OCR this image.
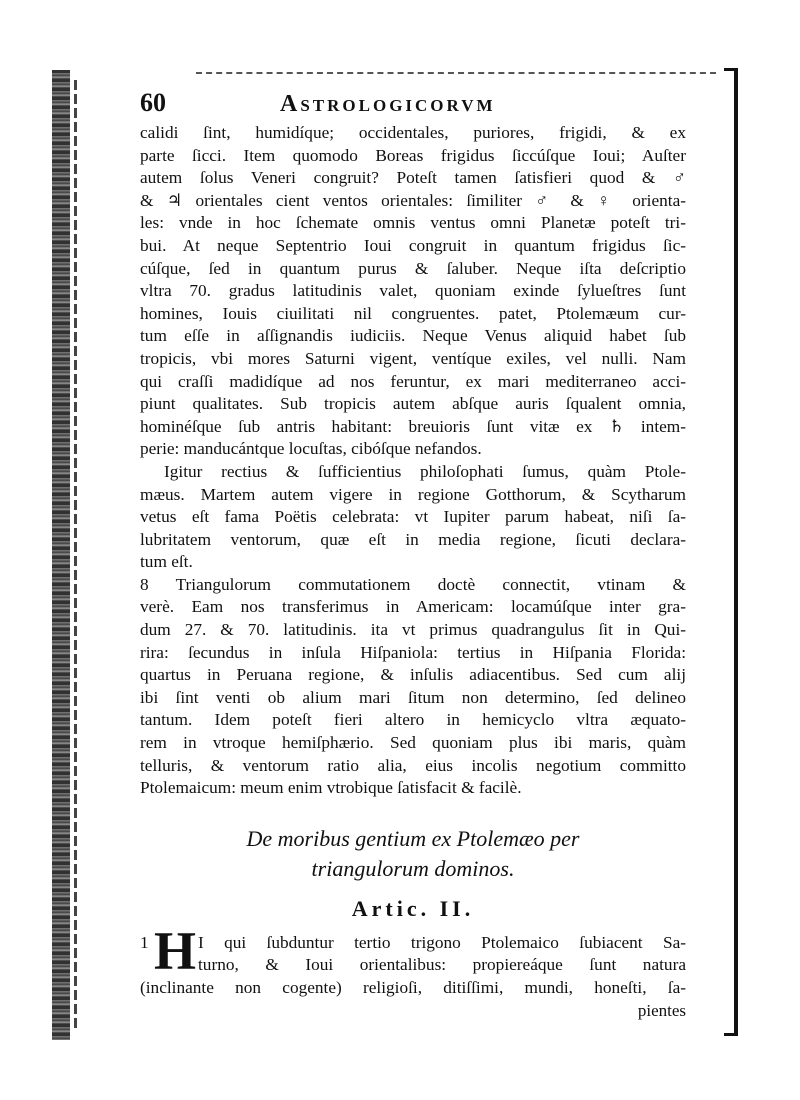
60	Astrologicorvm
calidi ſint, humidíque; occidentales, puriores, frigidi, & ex
parte ſicci. Item quomodo Boreas frigidus ſiccúſque Ioui; Auſter
autem ſolus Veneri congruit? Poteſt tamen ſatisfieri quod & ♂
& ♃ orientales cient ventos orientales: ſimiliter ♂ & ♀ orienta-
les: vnde in hoc ſchemate omnis ventus omni Planetæ poteſt tri-
bui. At neque Septentrio Ioui congruit in quantum frigidus ſic-
cúſque, ſed in quantum purus & ſaluber. Neque iſta deſcriptio
vltra 70. gradus latitudinis valet, quoniam exinde ſylueſtres ſunt
homines, Iouis ciuilitati nil congruentes. patet, Ptolemæum cur-
tum eſſe in aſſignandis iudiciis. Neque Venus aliquid habet ſub
tropicis, vbi mores Saturni vigent, ventíque exiles, vel nulli. Nam
qui craſſi madidíque ad nos feruntur, ex mari mediterraneo acci-
piunt qualitates. Sub tropicis autem abſque auris ſqualent omnia,
hominéſque ſub antris habitant: breuioris ſunt vitæ ex ♄ intem-
perie: manducántque locuſtas, cibóſque nefandos.
Igitur rectius & ſufficientius philoſophati ſumus, quàm Ptole-
mæus. Martem autem vigere in regione Gotthorum, & Scytharum
vetus eſt fama Poëtis celebrata: vt Iupiter parum habeat, niſi ſa-
lubritatem ventorum, quæ eſt in media regione, ſicuti declara-
tum eſt.
8 Triangulorum commutationem doctè connectit, vtinam &
verè. Eam nos transferimus in Americam: locamúſque inter gra-
dum 27. & 70. latitudinis. ita vt primus quadrangulus ſit in Qui-
rira: ſecundus in inſula Hiſpaniola: tertius in Hiſpania Florida:
quartus in Peruana regione, & inſulis adiacentibus. Sed cum alij
ibi ſint venti ob alium mari ſitum non determino, ſed delineo
tantum. Idem poteſt fieri altero in hemicyclo vltra æquato-
rem in vtroque hemiſphærio. Sed quoniam plus ibi maris, quàm
telluris, & ventorum ratio alia, eius incolis negotium committo
Ptolemaicum: meum enim vtrobique ſatisfacit & facilè.
De moribus gentium ex Ptolemæo per
triangulorum dominos.
Artic. II.
1 H I qui ſubduntur tertio trigono Ptolemaico ſubiacent Sa-
turno, & Ioui orientalibus: propiereáque ſunt natura
(inclinante non cogente) religioſi, ditiſſimi, mundi, honeſti, ſa-
pientes
